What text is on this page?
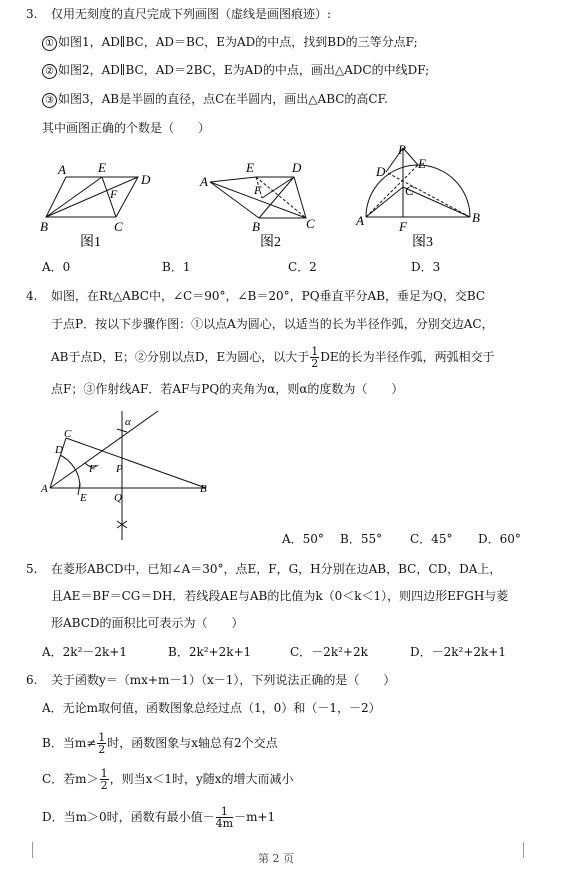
3. 仅用无刻度的直尺完成下列画图（虚线是画图痕迹）:
① 如图1，AD∥BC，AD＝BC，E为AD的中点，找到BD的三等分点F;
② 如图2，AD∥BC，AD＝2BC，E为AD的中点，画出△ADC的中线DF;
③ 如图3，AB是半圆的直径，点C在半圆内，画出△ABC的高CF.
其中画图正确的个数是（　　）
A E
D
F
B	C
图1
A
E	D
F
B	C
图2
P
E
D
C
A	F
B
图3
A．0	B．1	C．2	D．3
4. 如图，在Rt△ABC中，∠C＝90°，∠B＝20°，PQ垂直平分AB，垂足为Q，交BC
于点P．按以下步骤作图：①以点A为圆心，以适当的长为半径作弧，分别交边AC，
AB于点D，E；②分别以点D，E为圆心，以大于 $\frac{1}{2}$ DE的长为半径作弧，两弧相交于
点F；③作射线AF．若AF与PQ的夹角为α，则α的度数为（　　）
C
D
α
F P
A
E Q
B
A．50° B．55° C．45° D．60°
5. 在菱形ABCD中，已知∠A＝30°，点E，F，G，H分别在边AB，BC，CD，DA上，
且AE＝BF＝CG＝DH．若线段AE与AB的比值为k（0＜k＜1），则四边形EFGH与菱
形ABCD的面积比可表示为（　　）
A．2k²－2k+1	B．2k²+2k+1	C．－2k²+2k	D．－2k²+2k+1
6. 关于函数y＝（mx+m－1）（x－1），下列说法正确的是（　　）
A．无论m取何值，函数图象总经过点（1，0）和（－1，－2）
B．当$m\ne \frac{1}{2}$ 时，函数图象与x轴总有2个交点
C．若$m> \frac{1}{2}$ ，则当x＜1时，y随x的增大而减小
D．当m＞0时，函数有最小值－ $\frac{1}{4m} -m+1$
第 2 页
